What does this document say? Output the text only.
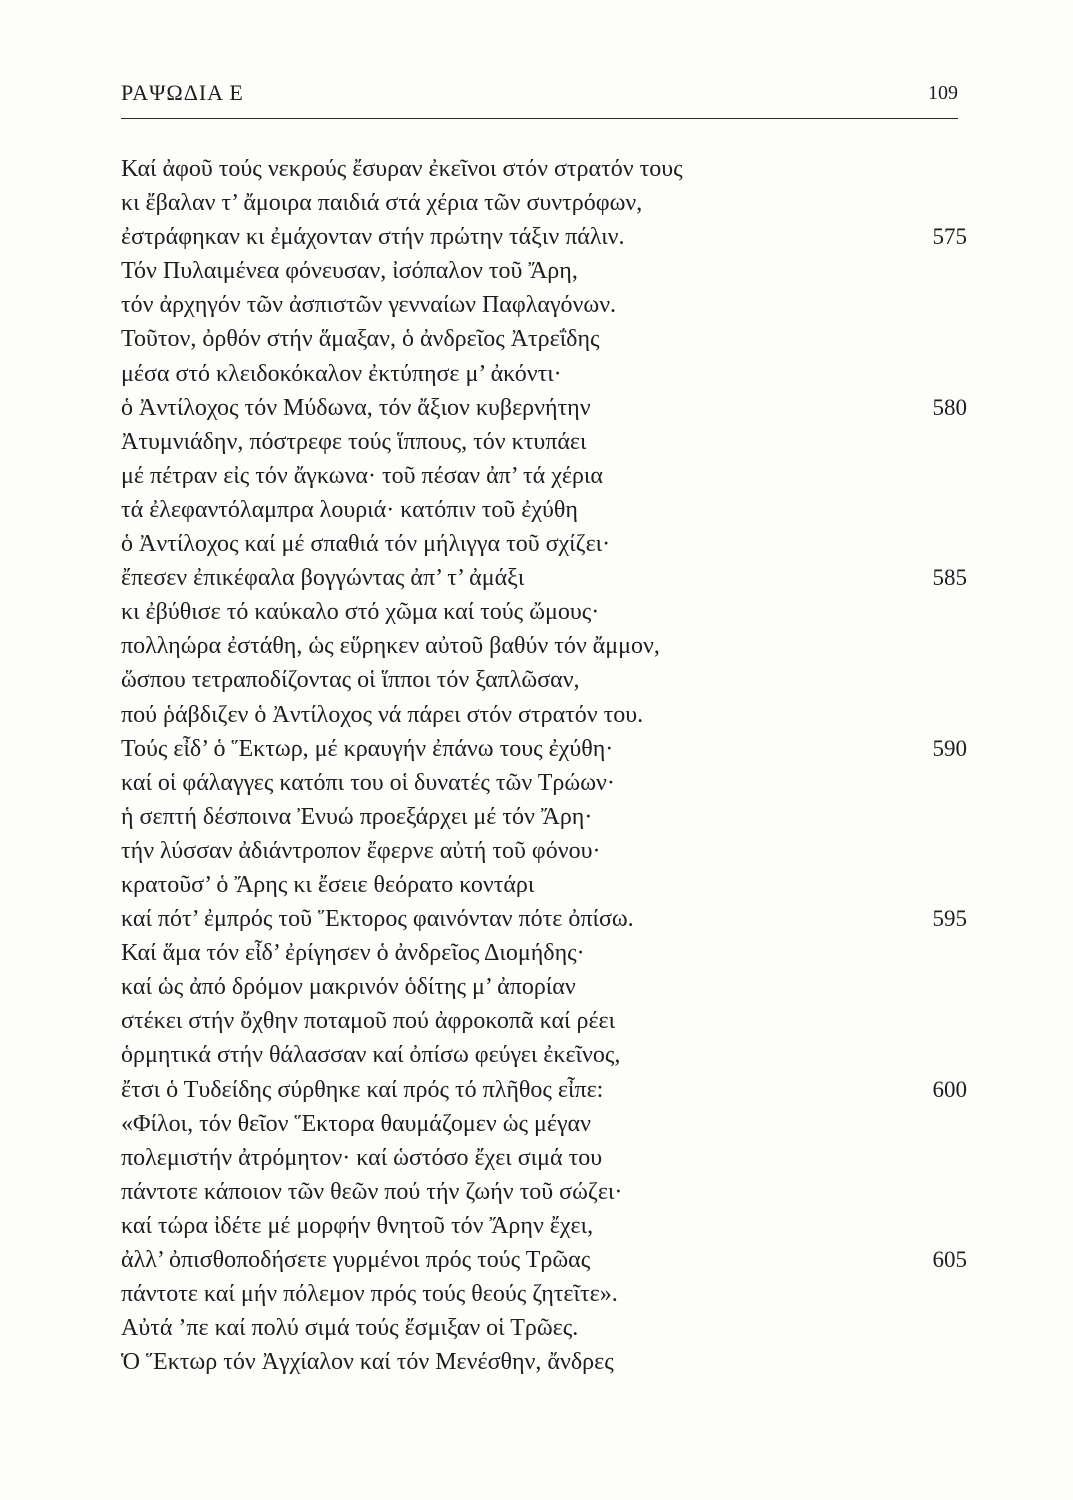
ΡΑΨΩΔΙΑ Ε	109
Καί ἀφοῦ τούς νεκρούς ἔσυραν ἐκεῖνοι στόν στρατόν τους
κι ἔβαλαν τ’ ἄμοιρα παιδιά στά χέρια τῶν συντρόφων,
ἐστράφηκαν κι ἐμάχονταν στήν πρώτην τάξιν πάλιν.	575
Τόν Πυλαιμένεα φόνευσαν, ἰσόπαλον τοῦ Ἄρη,
τόν ἀρχηγόν τῶν ἀσπιστῶν γενναίων Παφλαγόνων.
Τοῦτον, ὀρθόν στήν ἅμαξαν, ὁ ἀνδρεῖος Ἀτρεΐδης
μέσα στό κλειδοκόκαλον ἐκτύπησε μ’ ἀκόντι·
ὁ Ἀντίλοχος τόν Μύδωνα, τόν ἄξιον κυβερνήτην	580
Ἀτυμνιάδην, πόστρεφε τούς ἵππους, τόν κτυπάει
μέ πέτραν εἰς τόν ἄγκωνα· τοῦ πέσαν ἀπ’ τά χέρια
τά ἐλεφαντόλαμπρα λουριά· κατόπιν τοῦ ἐχύθη
ὁ Ἀντίλοχος καί μέ σπαθιά τόν μήλιγγα τοῦ σχίζει·
ἔπεσεν ἐπικέφαλα βογγώντας ἀπ’ τ’ ἀμάξι	585
κι ἐβύθισε τό καύκαλο στό χῶμα καί τούς ὤμους·
πολληώρα ἐστάθη, ὡς εὕρηκεν αὐτοῦ βαθύν τόν ἄμμον,
ὥσπου τετραποδίζοντας οἱ ἵπποι τόν ξαπλῶσαν,
πού ῥάβδιζεν ὁ Ἀντίλοχος νά πάρει στόν στρατόν του.
Τούς εἶδ’ ὁ Ἕκτωρ, μέ κραυγήν ἐπάνω τους ἐχύθη·	590
καί οἱ φάλαγγες κατόπι του οἱ δυνατές τῶν Τρώων·
ἡ σεπτή δέσποινα Ἐνυώ προεξάρχει μέ τόν Ἄρη·
τήν λύσσαν ἀδιάντροπον ἔφερνε αὐτή τοῦ φόνου·
κρατοῦσ’ ὁ Ἄρης κι ἔσειε θεόρατο κοντάρι
καί πότ’ ἐμπρός τοῦ Ἕκτορος φαινόνταν πότε ὀπίσω.	595
Καί ἅμα τόν εἶδ’ ἐρίγησεν ὁ ἀνδρεῖος Διομήδης·
καί ὡς ἀπό δρόμον μακρινόν ὁδίτης μ’ ἀπορίαν
στέκει στήν ὄχθην ποταμοῦ πού ἀφροκοπᾶ καί ρέει
ὁρμητικά στήν θάλασσαν καί ὀπίσω φεύγει ἐκεῖνος,
ἔτσι ὁ Τυδείδης σύρθηκε καί πρός τό πλῆθος εἶπε:	600
«Φίλοι, τόν θεῖον Ἕκτορα θαυμάζομεν ὡς μέγαν
πολεμιστήν ἀτρόμητον· καί ὡστόσο ἔχει σιμά του
πάντοτε κάποιον τῶν θεῶν πού τήν ζωήν τοῦ σώζει·
καί τώρα ἰδέτε μέ μορφήν θνητοῦ τόν Ἄρην ἔχει,
ἀλλ’ ὀπισθοποδήσετε γυρμένοι πρός τούς Τρῶας	605
πάντοτε καί μήν πόλεμον πρός τούς θεούς ζητεῖτε».
Αὐτά ’πε καί πολύ σιμά τούς ἔσμιξαν οἱ Τρῶες.
Ὁ Ἕκτωρ τόν Ἀγχίαλον καί τόν Μενέσθην, ἄνδρες
